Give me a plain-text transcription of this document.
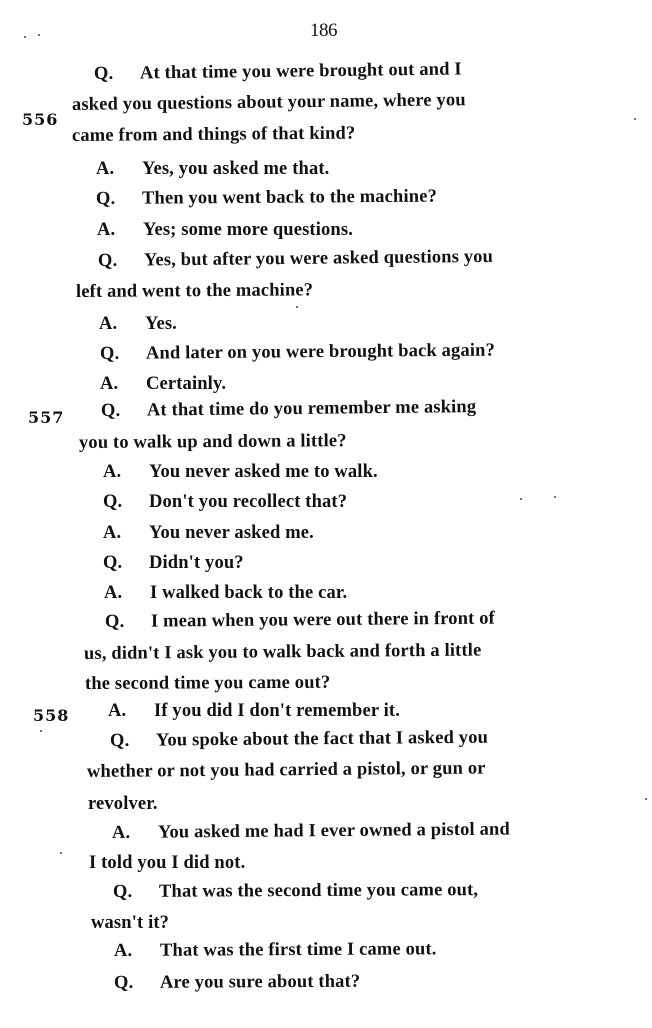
186
556
557
558
Q. At that time you were brought out and I
asked you questions about your name, where you
came from and things of that kind?
A. Yes, you asked me that.
Q. Then you went back to the machine?
A. Yes; some more questions.
Q. Yes, but after you were asked questions you
left and went to the machine?
A. Yes.
Q. And later on you were brought back again?
A. Certainly.
Q. At that time do you remember me asking
you to walk up and down a little?
A. You never asked me to walk.
Q. Don't you recollect that?
A. You never asked me.
Q. Didn't you?
A. I walked back to the car.
Q. I mean when you were out there in front of
us, didn't I ask you to walk back and forth a little
the second time you came out?
A. If you did I don't remember it.
Q. You spoke about the fact that I asked you
whether or not you had carried a pistol, or gun or
revolver.
A. You asked me had I ever owned a pistol and
I told you I did not.
Q. That was the second time you came out,
wasn't it?
A. That was the first time I came out.
Q. Are you sure about that?
